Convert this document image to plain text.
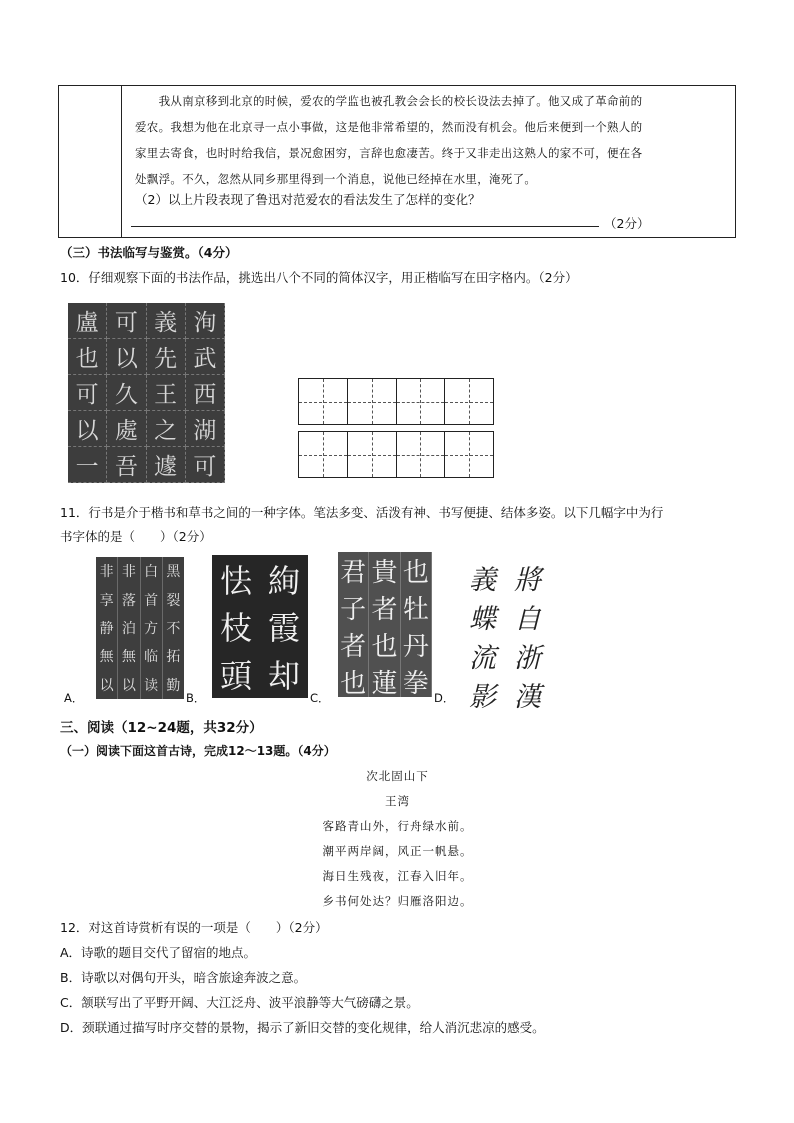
　　我从南京移到北京的时候，爱农的学监也被孔教会会长的校长设法去掉了。他又成了革命前的

爱农。我想为他在北京寻一点小事做，这是他非常希望的，然而没有机会。他后来便到一个熟人的

家里去寄食，也时时给我信，景况愈困穷，言辞也愈凄苦。终于又非走出这熟人的家不可，便在各

处飘浮。不久，忽然从同乡那里得到一个消息，说他已经掉在水里，淹死了。

（2）以上片段表现了鲁迅对范爱农的看法发生了怎样的变化？
（2分）
（三）书法临写与鉴赏。（4分）
10．仔细观察下面的书法作品，挑选出八个不同的简体汉字，用正楷临写在田字格内。（2分）
盧 可 義 洵
也 以 先 武
可 久 王 西
以 處 之 湖
一 吾 遽 可
11．行书是介于楷书和草书之间的一种字体。笔法多变、活泼有神、书写便捷、结体多姿。以下几幅字中为行
书字体的是（　　）（2分）
非
享
静
無
以
非
落
泊
無
以
白
首
方
临
读
黑
裂
不
拓
勤
怯
枝
頭
絢
霞
却
君
子
者
也
貴
者
也
蓮
也
牡
丹
拳
義
蝶
流
影
將
自
浙
漢
A．	B．	C．	D．
三、阅读（12~24题，共32分）
（一）阅读下面这首古诗，完成12～13题。（4分）
次北固山下
王湾
客路青山外，行舟绿水前。
潮平两岸阔，风正一帆悬。
海日生残夜，江春入旧年。
乡书何处达？归雁洛阳边。
12．对这首诗赏析有误的一项是（　　）（2分）
A．诗歌的题目交代了留宿的地点。
B．诗歌以对偶句开头，暗含旅途奔波之意。
C．颔联写出了平野开阔、大江泛舟、波平浪静等大气磅礴之景。
D．颈联通过描写时序交替的景物，揭示了新旧交替的变化规律，给人消沉悲凉的感受。
